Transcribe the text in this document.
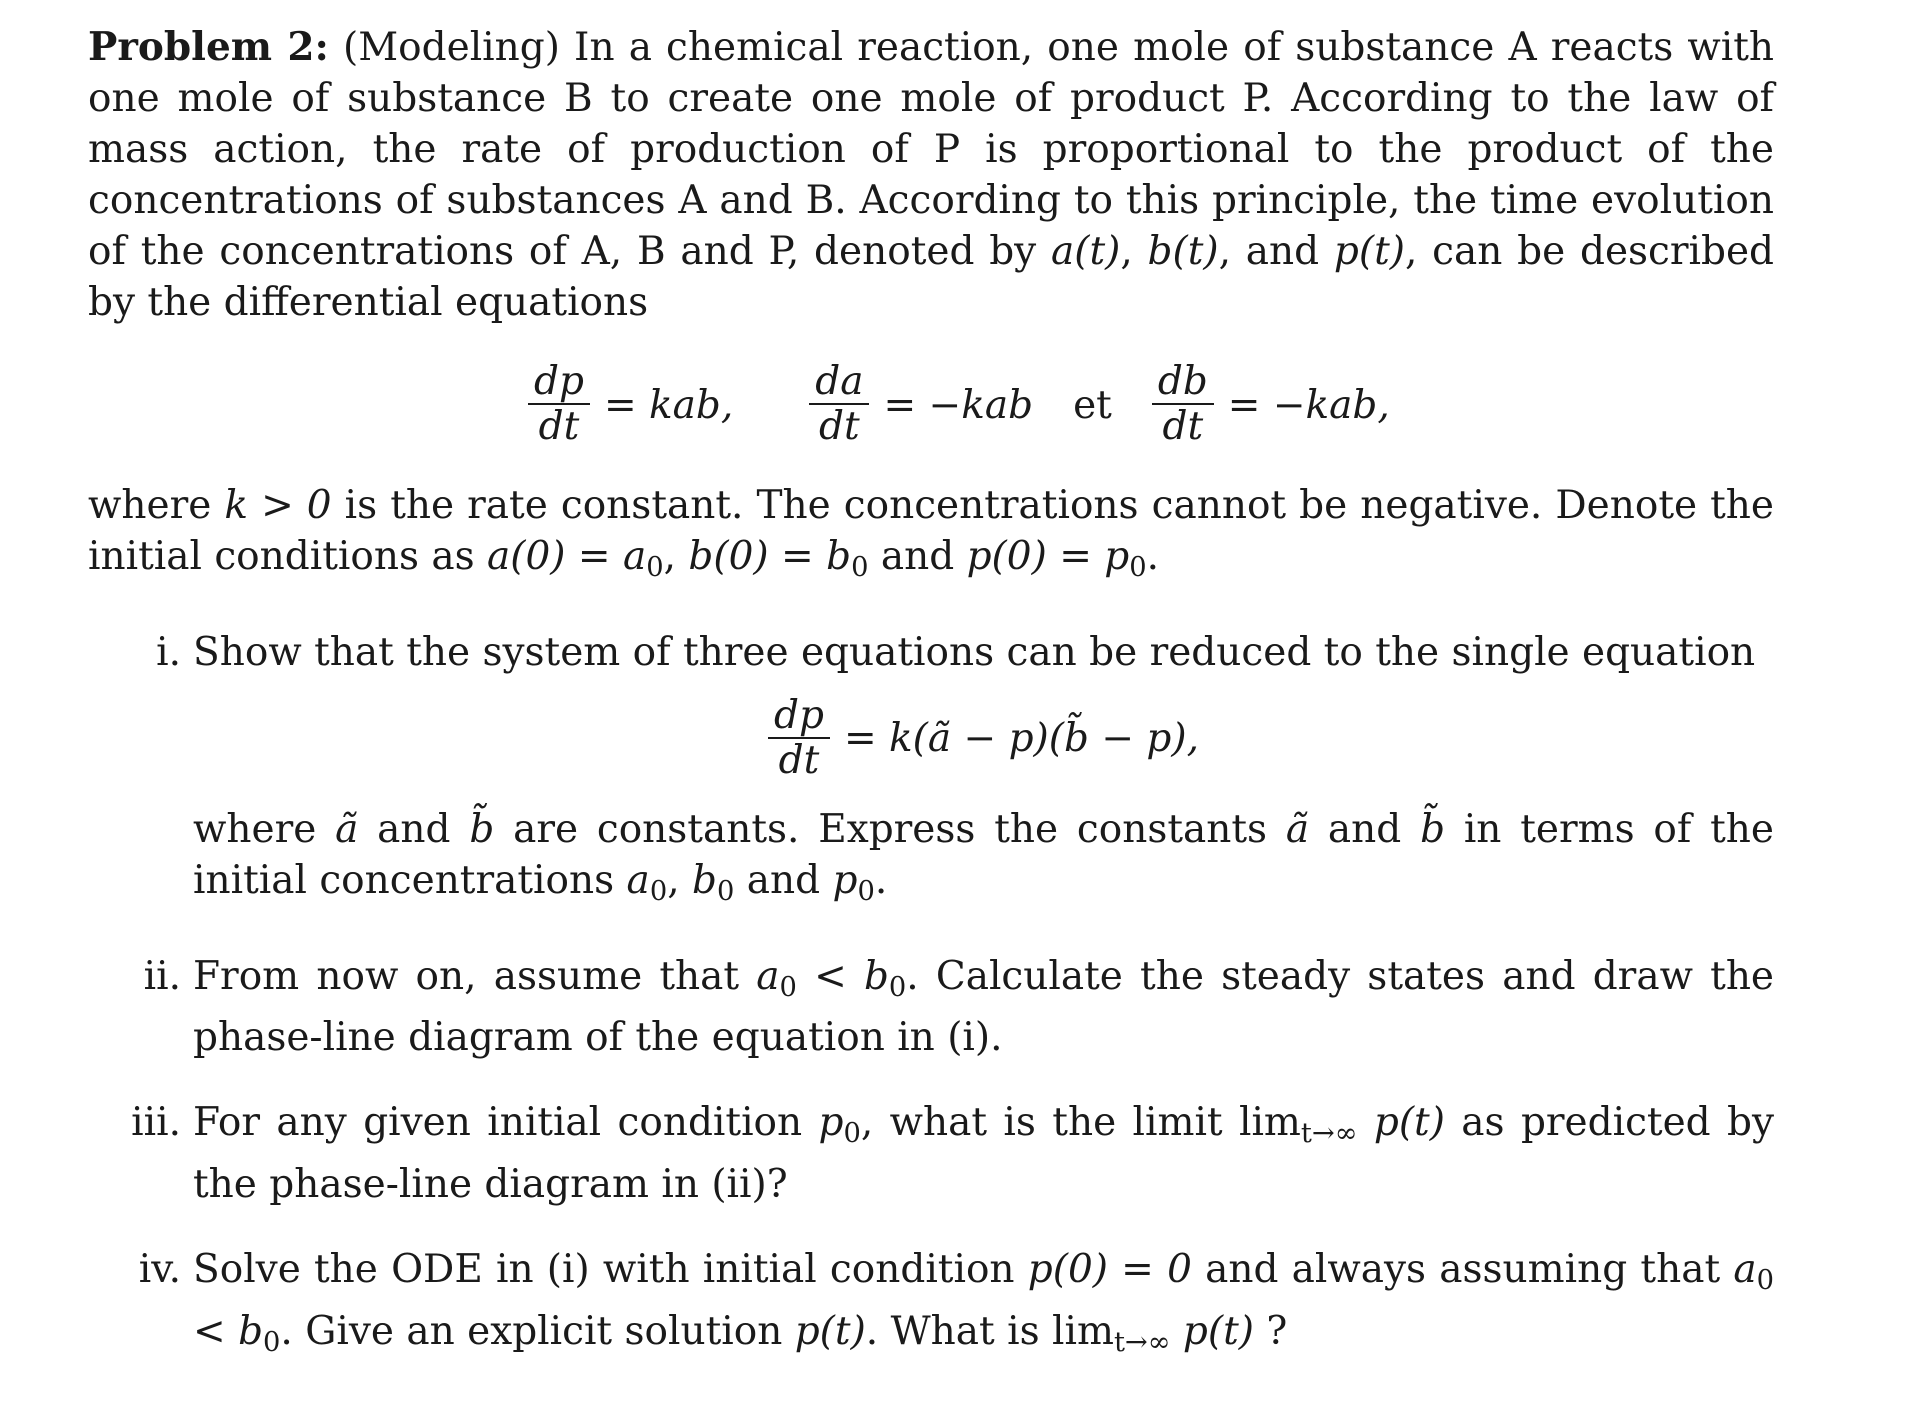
Problem 2: (Modeling) In a chemical reaction, one mole of substance A reacts with one mole of substance B to create one mole of product P. According to the law of mass action, the rate of production of P is proportional to the product of the concentrations of substances A and B. According to this principle, the time evolution of the concentrations of A, B and P, denoted by a(t), b(t), and p(t), can be described by the differential equations
$\frac{dp}{dt}$ = kab, $\frac{da}{dt} = -kab$ et $\frac{db}{dt} = -kab$,
where k > 0 is the rate constant. The concentrations cannot be negative. Denote the initial conditions as $a(0) = a_0$, $b(0) = b_0$ and $p(0) = p_0$.
i. Show that the system of three equations can be reduced to the single equation
$\frac{dp}{dt}$ = k(ã − p)(b̃ − p),
where ã and b̃ are constants. Express the constants ã and b̃ in terms of the initial concentrations $a_0$, $b_0$ and $p_0$.
ii. From now on, assume that $a_0 < b_0$. Calculate the steady states and draw the phase-line diagram of the equation in (i).
iii. For any given initial condition $p_0$, what is the limit $\lim_{t\to\infty} p(t)$ as predicted by the phase-line diagram in (ii)?
iv. Solve the ODE in (i) with initial condition p(0) = 0 and always assuming that $a_0 < b_0$. Give an explicit solution p(t). What is $\lim_{t\to\infty} p(t)$ ?
